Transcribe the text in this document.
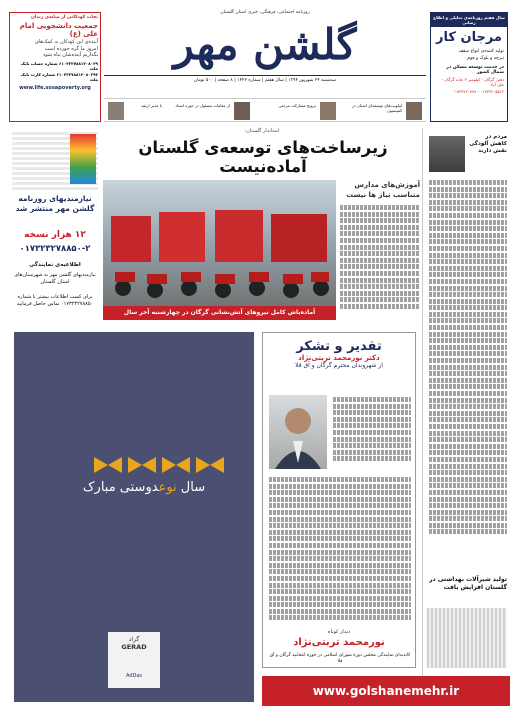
نجات کودکانی از میانه‌ی زندان
جمعیت دانشجویی امام علی (ع)
آینده‌ی این کودکان به کمک‌های
امروز ما گره خورده است
نگذاریم آینده‌شان تباه شود
۶۱۰۴۳۳۷۸۸۱۲۰۸۰۲۹ شماره حساب بانک ملت
۶۱۰۴۳۳۷۸۸۱۲۰۸۰۲۹۴ شماره کارت بانک ملت
www.life.sosapoverty.org
روزنامه اجتماعی، فرهنگی، خبری استان گلستان
گلشن مهر
سه‌شنبه ۲۴ شهریور ۱۳۹۴ | سال هفتم | شماره ۱۴۲۲ | ۸ صفحه | ۵۰۰ تومان
اولویت‌های توسعه‌ای استان در کمیسیون
ترویج مشارکت مردمی
از مقامات مسئول در حوزه اسناد
با مدیر ارشد
سال هفتم روزنامه‌ی تحلیلی و اطلاع رسانی
مرجان کار
تولید کننده‌ی انواع سقف
تیرچه و بلوک و فوم
در خدمت توسعه مسکن در شمال کشور
دفتر: گرگان - کیلومتر ۳ جاده گرگان - علی آباد
۰۱۷۳۲۲۰۵۵۱۲ - ۰۱۷۳۳۲۲۰۷۷۸
استاندار گلستان:
زیرساخت‌های توسعه‌ی گلستان آماده‌نیست
آماده‌باش کامل نیروهای آتش‌نشانی گرگان در چهارشنبه آخر سال
آموزش‌های مدارس متناسب نیاز ها نیست
نیازمندیهای روزنامه گلشن مهر منتشر شد
۱۲ هزار نسخه
۰۱۷۳۲۳۲۷۸۸۵۰-۲
اطلاعیه‌ی نمایندگی
نیازمندیهای گلشن مهر به شهرستان‌های استان گلستان
برای کسب اطلاعات بیشتر با شماره ۰۱۷۳۲۳۲۷۸۸۵۰ تماس حاصل فرمایید
سال نوعدوستی مبارک
گراد
GERAD
AdDas
تقدیر و تشکر
دکتر نورمحمد تربتی‌نژاد
از شهروندان محترم گرگان و آق قلا
دیدار کوتاه
نورمحمد تربتی‌نژاد
کاندیدای نمایندگی مجلس دوره شورای اسلامی در حوزه انتخابیه گرگان و آق قلا
مردم در کاهش آلودگی نقش دارند
تولید شیرآلات بهداشتی در گلستان افزایش یافت
www.golshanemehr.ir
